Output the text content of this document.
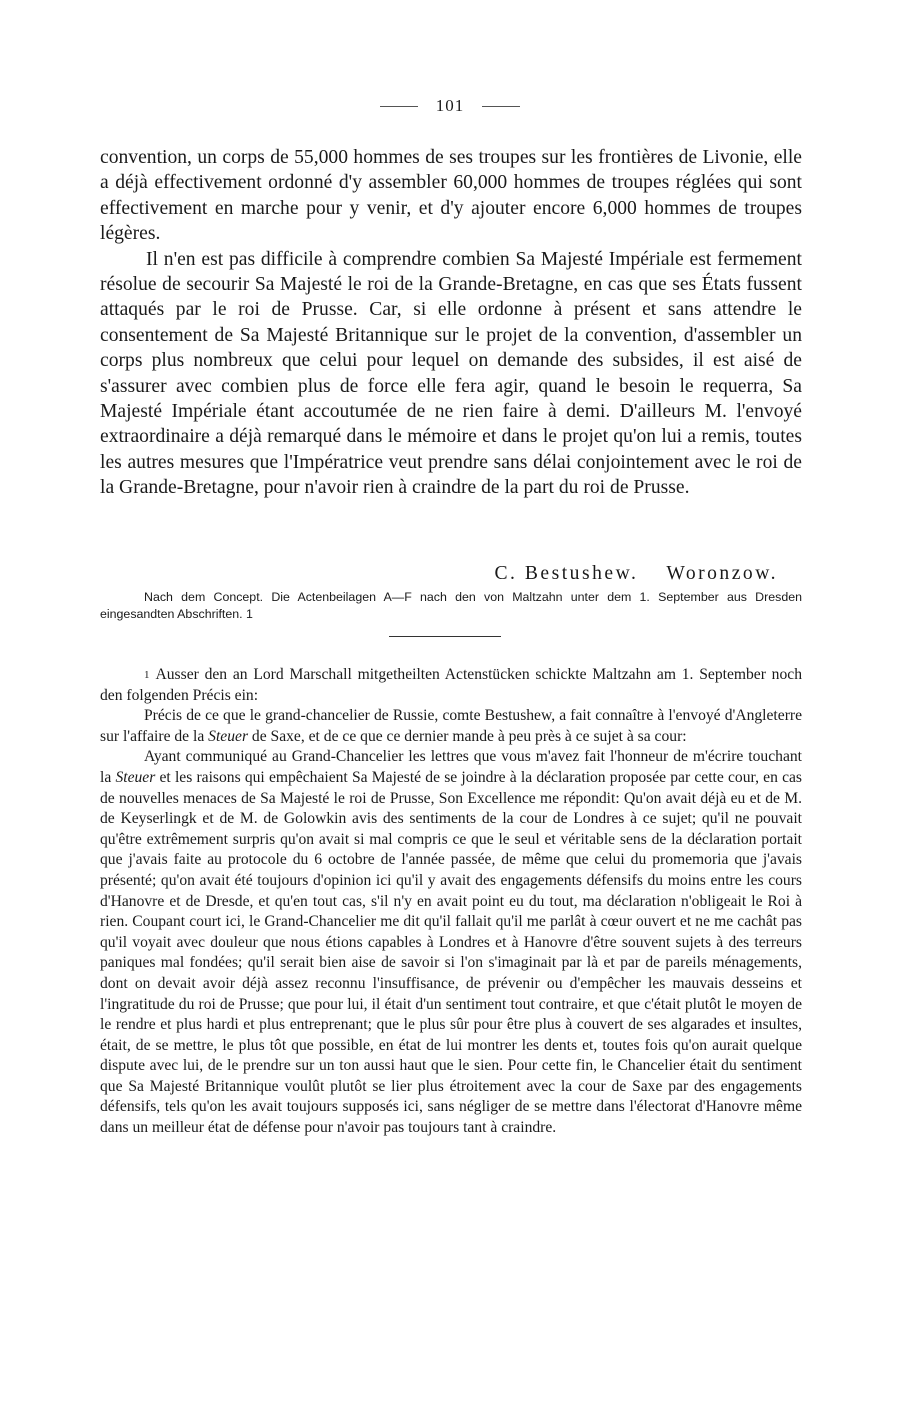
101

convention, un corps de 55,000 hommes de ses troupes sur les frontières de Livonie, elle a déjà effectivement ordonné d'y assembler 60,000 hommes de troupes réglées qui sont effectivement en marche pour y venir, et d'y ajouter encore 6,000 hommes de troupes légères.

Il n'en est pas difficile à comprendre combien Sa Majesté Impériale est fermement résolue de secourir Sa Majesté le roi de la Grande-Bretagne, en cas que ses États fussent attaqués par le roi de Prusse. Car, si elle ordonne à présent et sans attendre le consentement de Sa Majesté Britannique sur le projet de la convention, d'assembler un corps plus nombreux que celui pour lequel on demande des subsides, il est aisé de s'assurer avec combien plus de force elle fera agir, quand le besoin le requerra, Sa Majesté Impériale étant accoutumée de ne rien faire à demi. D'ailleurs M. l'envoyé extraordinaire a déjà remarqué dans le mémoire et dans le projet qu'on lui a remis, toutes les autres mesures que l'Impératrice veut prendre sans délai conjointement avec le roi de la Grande-Bretagne, pour n'avoir rien à craindre de la part du roi de Prusse.

C. Bestushew. Woronzow.
Nach dem Concept. Die Actenbeilagen A—F nach den von Maltzahn unter dem 1. September aus Dresden eingesandten Abschriften. 1

1 Ausser den an Lord Marschall mitgetheilten Actenstücken schickte Maltzahn am 1. September noch den folgenden Précis ein:

Précis de ce que le grand-chancelier de Russie, comte Bestushew, a fait connaître à l'envoyé d'Angleterre sur l'affaire de la Steuer de Saxe, et de ce que ce dernier mande à peu près à ce sujet à sa cour:

Ayant communiqué au Grand-Chancelier les lettres que vous m'avez fait l'honneur de m'écrire touchant la Steuer et les raisons qui empêchaient Sa Majesté de se joindre à la déclaration proposée par cette cour, en cas de nouvelles menaces de Sa Majesté le roi de Prusse, Son Excellence me répondit: Qu'on avait déjà eu et de M. de Keyserlingk et de M. de Golowkin avis des sentiments de la cour de Londres à ce sujet; qu'il ne pouvait qu'être extrêmement surpris qu'on avait si mal compris ce que le seul et véritable sens de la déclaration portait que j'avais faite au protocole du 6 octobre de l'année passée, de même que celui du promemoria que j'avais présenté; qu'on avait été toujours d'opinion ici qu'il y avait des engagements défensifs du moins entre les cours d'Hanovre et de Dresde, et qu'en tout cas, s'il n'y en avait point eu du tout, ma déclaration n'obligeait le Roi à rien. Coupant court ici, le Grand-Chancelier me dit qu'il fallait qu'il me parlât à cœur ouvert et ne me cachât pas qu'il voyait avec douleur que nous étions capables à Londres et à Hanovre d'être souvent sujets à des terreurs paniques mal fondées; qu'il serait bien aise de savoir si l'on s'imaginait par là et par de pareils ménagements, dont on devait avoir déjà assez reconnu l'insuffisance, de prévenir ou d'empêcher les mauvais desseins et l'ingratitude du roi de Prusse; que pour lui, il était d'un sentiment tout contraire, et que c'était plutôt le moyen de le rendre et plus hardi et plus entreprenant; que le plus sûr pour être plus à couvert de ses algarades et insultes, était, de se mettre, le plus tôt que possible, en état de lui montrer les dents et, toutes fois qu'on aurait quelque dispute avec lui, de le prendre sur un ton aussi haut que le sien. Pour cette fin, le Chancelier était du sentiment que Sa Majesté Britannique voulût plutôt se lier plus étroitement avec la cour de Saxe par des engagements défensifs, tels qu'on les avait toujours supposés ici, sans négliger de se mettre dans l'électorat d'Hanovre même dans un meilleur état de défense pour n'avoir pas toujours tant à craindre.
